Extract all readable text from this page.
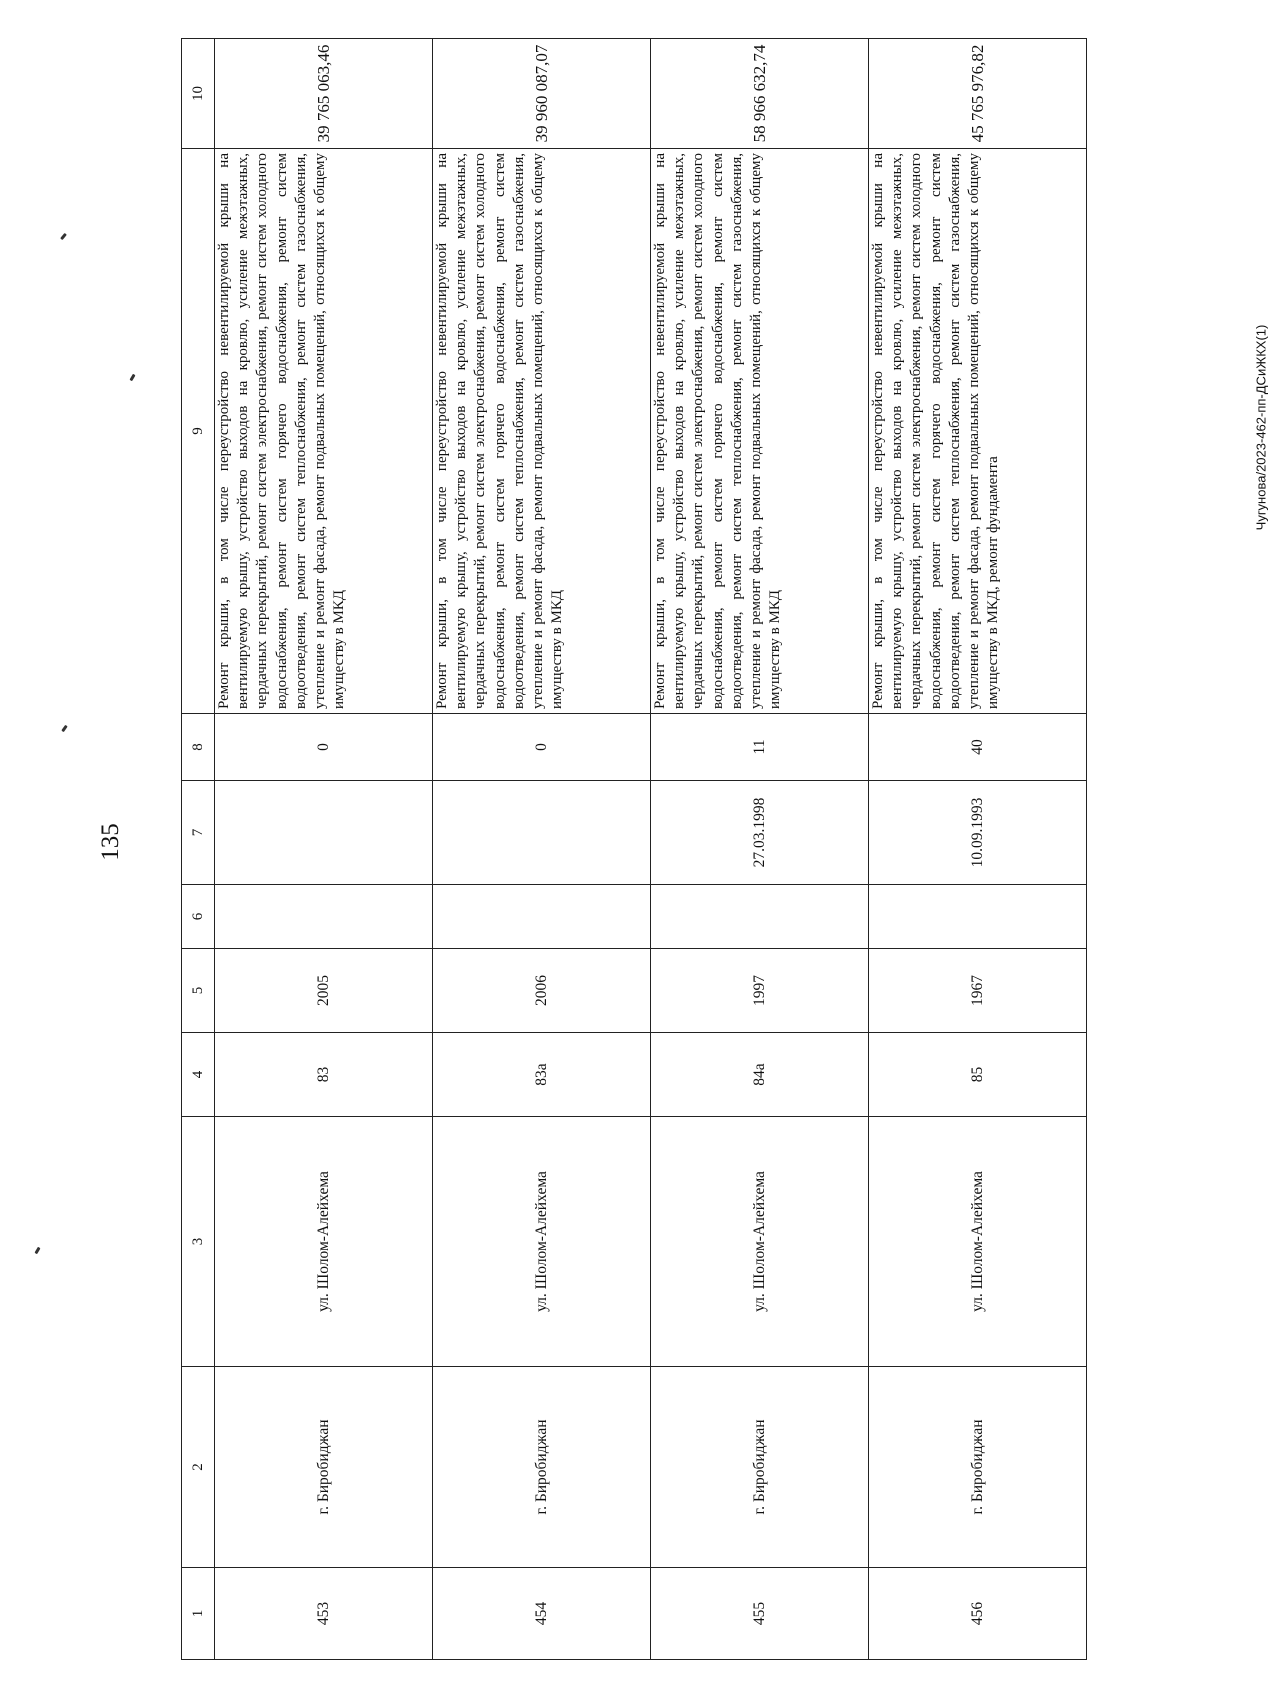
135
Чугунова/2023-462-пп-ДСиЖКХ(1)
1	2	3	4	5	6	7	8	9	10
453	г. Биробиджан	ул. Шолом-Алейхема	83	2005			0	Ремонт крыши, в том числе переустройство невентилируемой крыши на вентилируемую крышу, устройство выходов на кровлю, усиление межэтажных, чердачных перекрытий, ремонт систем электроснабжения, ремонт систем холодного водоснабжения, ремонт систем горячего водоснабжения, ремонт систем водоотведения, ремонт систем теплоснабжения, ремонт систем газоснабжения, утепление и ремонт фасада, ремонт подвальных помещений, относящихся к общему имуществу в МКД	39 765 063,46
454	г. Биробиджан	ул. Шолом-Алейхема	83а	2006			0	Ремонт крыши, в том числе переустройство невентилируемой крыши на вентилируемую крышу, устройство выходов на кровлю, усиление межэтажных, чердачных перекрытий, ремонт систем электроснабжения, ремонт систем холодного водоснабжения, ремонт систем горячего водоснабжения, ремонт систем водоотведения, ремонт систем теплоснабжения, ремонт систем газоснабжения, утепление и ремонт фасада, ремонт подвальных помещений, относящихся к общему имуществу в МКД	39 960 087,07
455	г. Биробиджан	ул. Шолом-Алейхема	84а	1997		27.03.1998	11	Ремонт крыши, в том числе переустройство невентилируемой крыши на вентилируемую крышу, устройство выходов на кровлю, усиление межэтажных, чердачных перекрытий, ремонт систем электроснабжения, ремонт систем холодного водоснабжения, ремонт систем горячего водоснабжения, ремонт систем водоотведения, ремонт систем теплоснабжения, ремонт систем газоснабжения, утепление и ремонт фасада, ремонт подвальных помещений, относящихся к общему имуществу в МКД	58 966 632,74
456	г. Биробиджан	ул. Шолом-Алейхема	85	1967		10.09.1993	40	Ремонт крыши, в том числе переустройство невентилируемой крыши на вентилируемую крышу, устройство выходов на кровлю, усиление межэтажных, чердачных перекрытий, ремонт систем электроснабжения, ремонт систем холодного водоснабжения, ремонт систем горячего водоснабжения, ремонт систем водоотведения, ремонт систем теплоснабжения, ремонт систем газоснабжения, утепление и ремонт фасада, ремонт подвальных помещений, относящихся к общему имуществу в МКД, ремонт фундамента	45 765 976,82
